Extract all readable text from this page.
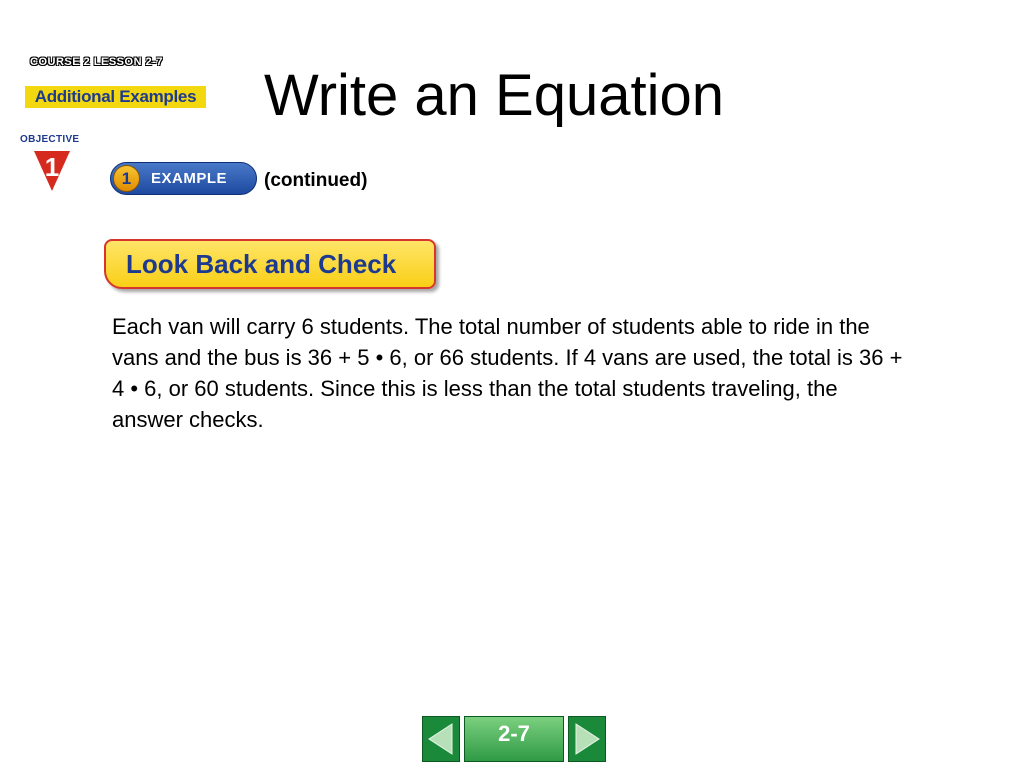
COURSE 2 LESSON 2-7
Additional Examples
OBJECTIVE
1
Write an Equation
1	EXAMPLE (continued)
Look Back and Check
Each van will carry 6 students. The total number of students able to ride in the vans and the bus is 36 + 5 • 6, or 66 students. If 4 vans are used, the total is 36 + 4 • 6, or 60 students. Since this is less than the total students traveling, the answer checks.
2-7
